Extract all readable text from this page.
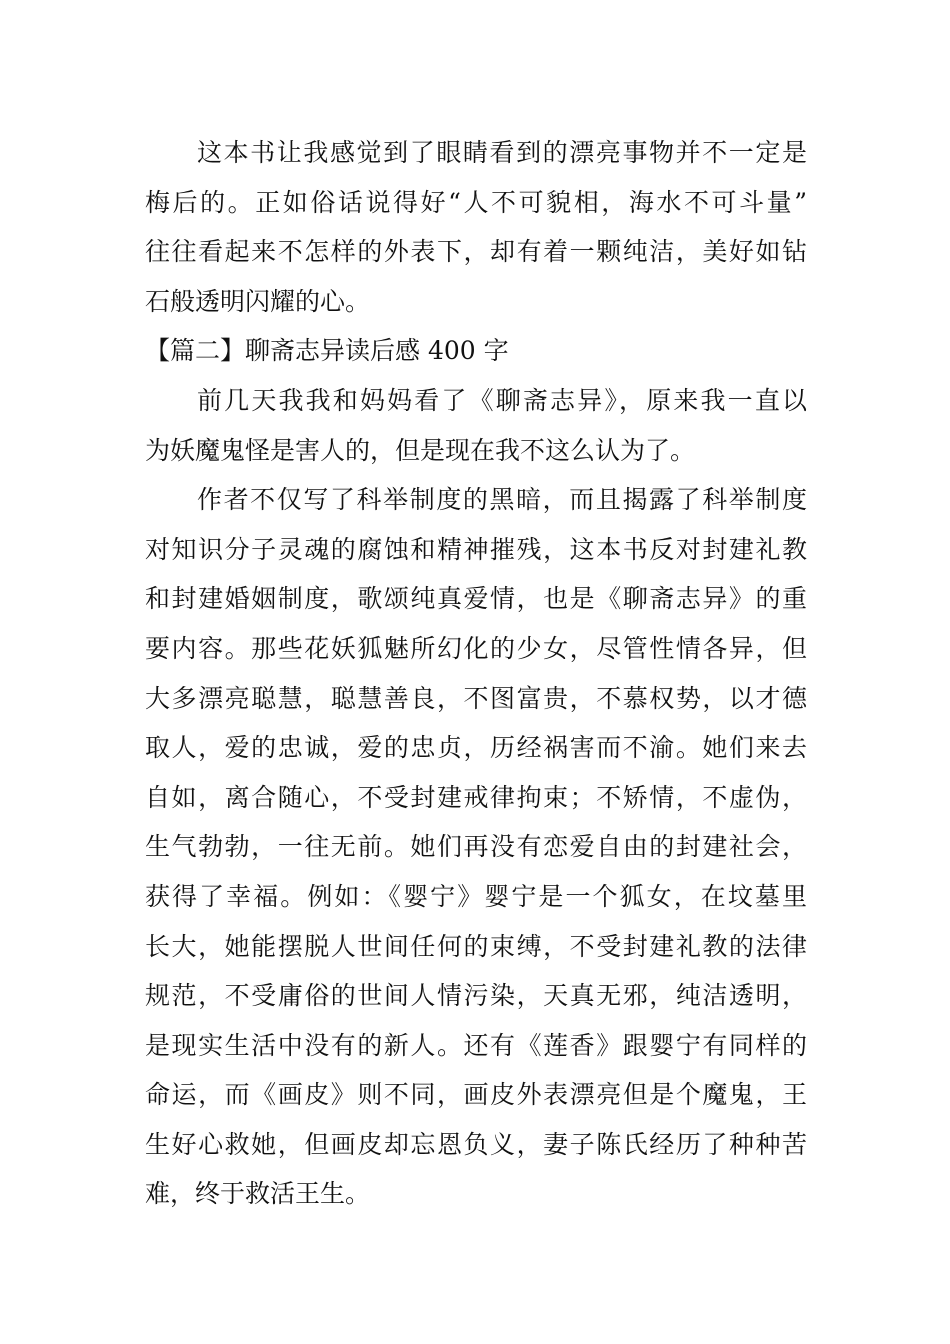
这本书让我感觉到了眼睛看到的漂亮事物并不一定是
梅后的。正如俗话说得好“人不可貌相，海水不可斗量”
往往看起来不怎样的外表下，却有着一颗纯洁，美好如钻
石般透明闪耀的心。
【篇二】聊斋志异读后感 400 字
前几天我我和妈妈看了《聊斋志异》，原来我一直以
为妖魔鬼怪是害人的，但是现在我不这么认为了。
作者不仅写了科举制度的黑暗，而且揭露了科举制度
对知识分子灵魂的腐蚀和精神摧残，这本书反对封建礼教
和封建婚姻制度，歌颂纯真爱情，也是《聊斋志异》的重
要内容。那些花妖狐魅所幻化的少女，尽管性情各异，但
大多漂亮聪慧，聪慧善良，不图富贵，不慕权势，以才德
取人，爱的忠诚，爱的忠贞，历经祸害而不渝。她们来去
自如，离合随心，不受封建戒律拘束；不矫情，不虚伪，
生气勃勃，一往无前。她们再没有恋爱自由的封建社会，
获得了幸福。例如：《婴宁》婴宁是一个狐女，在坟墓里
长大，她能摆脱人世间任何的束缚，不受封建礼教的法律
规范，不受庸俗的世间人情污染，天真无邪，纯洁透明，
是现实生活中没有的新人。还有《莲香》跟婴宁有同样的
命运，而《画皮》则不同，画皮外表漂亮但是个魔鬼，王
生好心救她，但画皮却忘恩负义，妻子陈氏经历了种种苦
难，终于救活王生。
